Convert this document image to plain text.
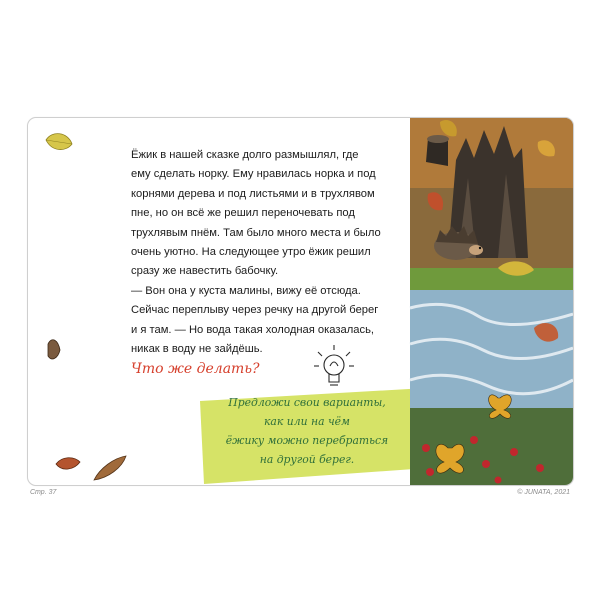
Ёжик в нашей сказке долго размышлял, где

ему сделать норку. Ему нравилась норка и под

корнями дерева и под листьями и в трухлявом

пне, но он всё же решил переночевать под

трухлявым пнём. Там было много места и было

очень уютно. На следующее утро ёжик решил

сразу же навестить бабочку.

— Вон она у куста малины, вижу её отсюда.

Сейчас переплыву через речку на другой берег

и я там. — Но вода такая холодная оказалась,

никак в воду не зайдёшь.

Что же делать?

Предложи свои варианты,

как или на чём

ёжику можно перебраться

на другой берег.

Стр. 37	© JUNATA, 2021
